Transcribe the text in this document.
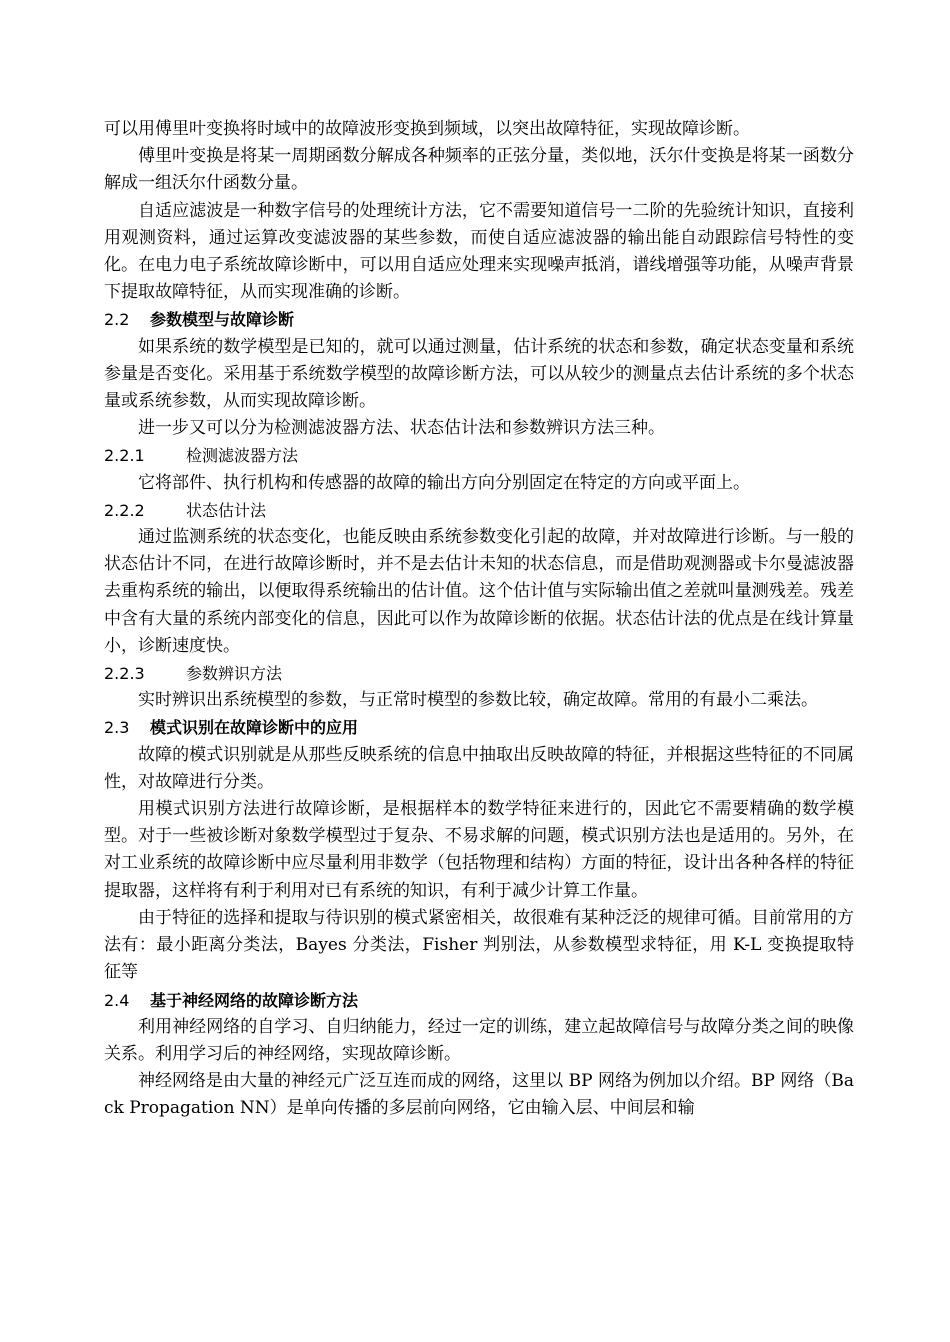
可以用傅里叶变换将时域中的故障波形变换到频域，以突出故障特征，实现故障诊断。

傅里叶变换是将某一周期函数分解成各种频率的正弦分量，类似地，沃尔什变换是将某一函数分解成一组沃尔什函数分量。

自适应滤波是一种数字信号的处理统计方法，它不需要知道信号一二阶的先验统计知识，直接利用观测资料，通过运算改变滤波器的某些参数，而使自适应滤波器的输出能自动跟踪信号特性的变化。在电力电子系统故障诊断中，可以用自适应处理来实现噪声抵消，谱线增强等功能，从噪声背景下提取故障特征，从而实现准确的诊断。

2.2 参数模型与故障诊断

如果系统的数学模型是已知的，就可以通过测量，估计系统的状态和参数，确定状态变量和系统参量是否变化。采用基于系统数学模型的故障诊断方法，可以从较少的测量点去估计系统的多个状态量或系统参数，从而实现故障诊断。

进一步又可以分为检测滤波器方法、状态估计法和参数辨识方法三种。

2.2.1	检测滤波器方法

它将部件、执行机构和传感器的故障的输出方向分别固定在特定的方向或平面上。

2.2.2	状态估计法

通过监测系统的状态变化，也能反映由系统参数变化引起的故障，并对故障进行诊断。与一般的状态估计不同，在进行故障诊断时，并不是去估计未知的状态信息，而是借助观测器或卡尔曼滤波器去重构系统的输出，以便取得系统输出的估计值。这个估计值与实际输出值之差就叫量测残差。残差中含有大量的系统内部变化的信息，因此可以作为故障诊断的依据。状态估计法的优点是在线计算量小，诊断速度快。

2.2.3	参数辨识方法

实时辨识出系统模型的参数，与正常时模型的参数比较，确定故障。常用的有最小二乘法。

2.3 模式识别在故障诊断中的应用

故障的模式识别就是从那些反映系统的信息中抽取出反映故障的特征，并根据这些特征的不同属性，对故障进行分类。

用模式识别方法进行故障诊断，是根据样本的数学特征来进行的，因此它不需要精确的数学模型。对于一些被诊断对象数学模型过于复杂、不易求解的问题，模式识别方法也是适用的。另外，在对工业系统的故障诊断中应尽量利用非数学（包括物理和结构）方面的特征，设计出各种各样的特征提取器，这样将有利于利用对已有系统的知识，有利于减少计算工作量。

由于特征的选择和提取与待识别的模式紧密相关，故很难有某种泛泛的规律可循。目前常用的方法有：最小距离分类法，Bayes 分类法，Fisher 判别法，从参数模型求特征，用 K-L 变换提取特征等

2.4 基于神经网络的故障诊断方法

利用神经网络的自学习、自归纳能力，经过一定的训练，建立起故障信号与故障分类之间的映像关系。利用学习后的神经网络，实现故障诊断。

神经网络是由大量的神经元广泛互连而成的网络，这里以 BP 网络为例加以介绍。BP 网络（Back Propagation NN）是单向传播的多层前向网络，它由输入层、中间层和输
